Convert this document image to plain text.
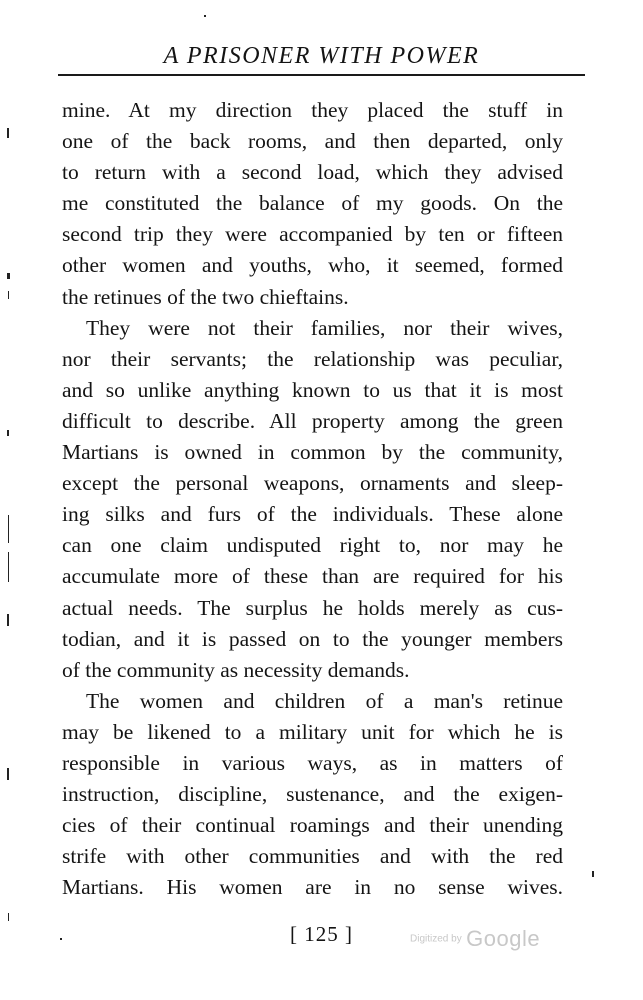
A PRISONER WITH POWER
mine. At my direction they placed the stuff in
one of the back rooms, and then departed, only
to return with a second load, which they advised
me constituted the balance of my goods. On the
second trip they were accompanied by ten or fifteen
other women and youths, who, it seemed, formed
the retinues of the two chieftains.
They were not their families, nor their wives,
nor their servants; the relationship was peculiar,
and so unlike anything known to us that it is most
difficult to describe. All property among the green
Martians is owned in common by the community,
except the personal weapons, ornaments and sleep-
ing silks and furs of the individuals. These alone
can one claim undisputed right to, nor may he
accumulate more of these than are required for his
actual needs. The surplus he holds merely as cus-
todian, and it is passed on to the younger members
of the community as necessity demands.
The women and children of a man's retinue
may be likened to a military unit for which he is
responsible in various ways, as in matters of
instruction, discipline, sustenance, and the exigen-
cies of their continual roamings and their unending
strife with other communities and with the red
Martians. His women are in no sense wives.
[ 125 ]	Digitized by Google
